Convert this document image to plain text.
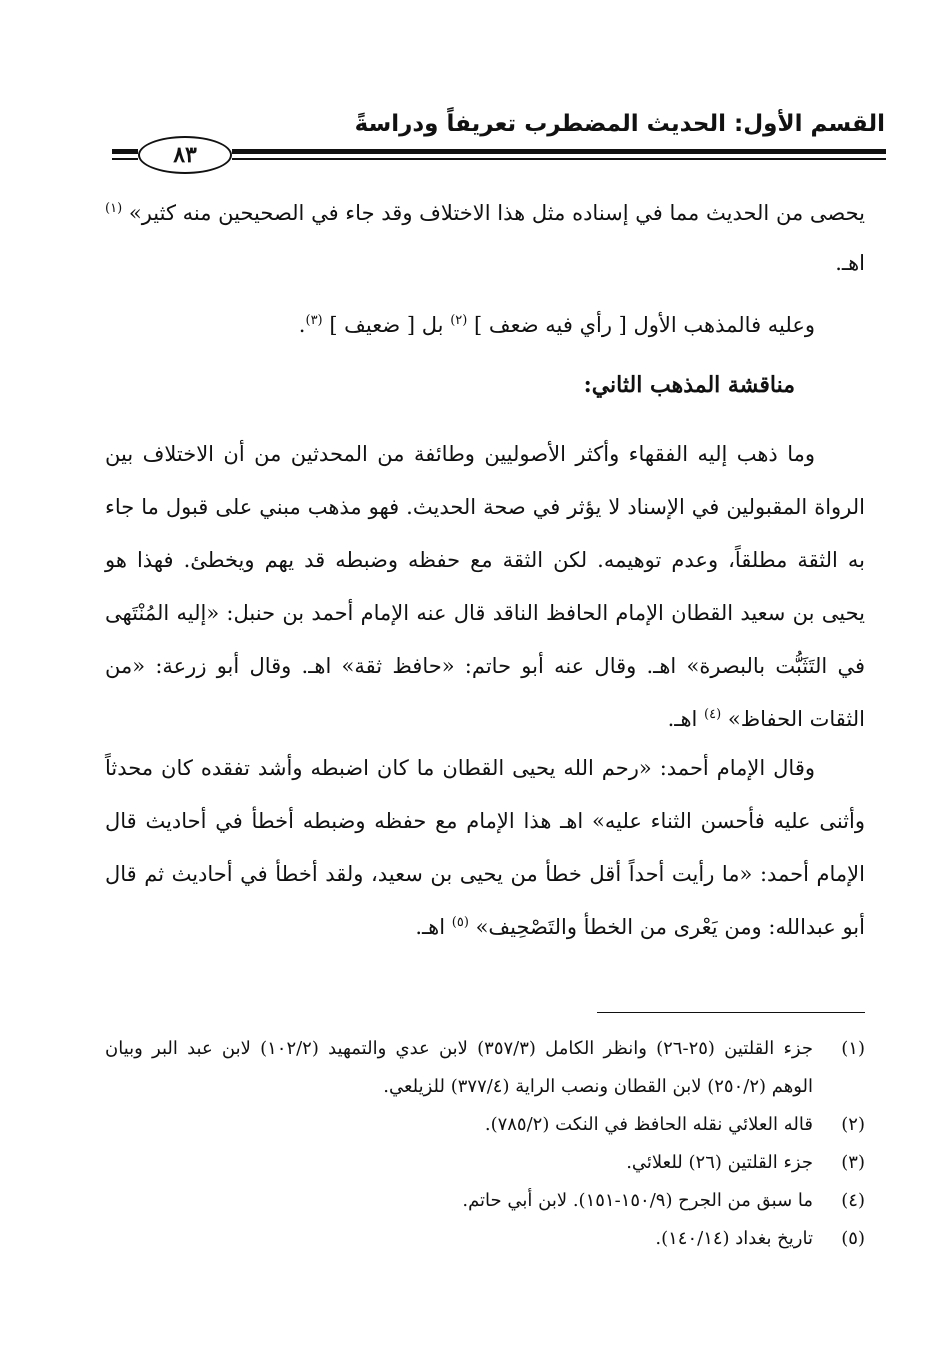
القسم الأول: الحديث المضطرب تعريفاً ودراسةً
٨٣
يحصى من الحديث مما في إسناده مثل هذا الاختلاف وقد جاء في الصحيحين منه كثير» $^{(١)}$ اهـ.
وعليه فالمذهب الأول [ رأي فيه ضعف ] $^{(٢)}$ بل [ ضعيف ] $^{(٣)}$.
مناقشة المذهب الثاني:
وما ذهب إليه الفقهاء وأكثر الأصوليين وطائفة من المحدثين من أن الاختلاف بين الرواة المقبولين في الإسناد لا يؤثر في صحة الحديث. فهو مذهب مبني على قبول ما جاء به الثقة مطلقاً، وعدم توهيمه. لكن الثقة مع حفظه وضبطه قد يهم ويخطئ. فهذا هو يحيى بن سعيد القطان الإمام الحافظ الناقد قال عنه الإمام أحمد بن حنبل: «إليه المُنْتَهى في التَثَبُّت بالبصرة» اهـ. وقال عنه أبو حاتم: «حافظ ثقة» اهـ. وقال أبو زرعة: «من الثقات الحفاظ» $^{(٤)}$ اهـ.
وقال الإمام أحمد: «رحم الله يحيى القطان ما كان اضبطه وأشد تفقده كان محدثاً وأثنى عليه فأحسن الثناء عليه» اهـ هذا الإمام مع حفظه وضبطه أخطأ في أحاديث قال الإمام أحمد: «ما رأيت أحداً أقل خطأ من يحيى بن سعيد، ولقد أخطأ في أحاديث ثم قال أبو عبدالله: ومن يَعْرى من الخطأ والتَصْحِيف» $^{(٥)}$ اهـ.
(١)
جزء القلتين (٢٥-٢٦) وانظر الكامل (٣٥٧/٣) لابن عدي والتمهيد (١٠٢/٢) لابن عبد البر وبيان الوهم (٢٥٠/٢) لابن القطان ونصب الراية (٣٧٧/٤) للزيلعي.
(٢)
قاله العلائي نقله الحافظ في النكت (٧٨٥/٢).
(٣)
جزء القلتين (٢٦) للعلائي.
(٤)
ما سبق من الجرح (١٥٠/٩-١٥١). لابن أبي حاتم.
(٥)
تاريخ بغداد (١٤٠/١٤).
